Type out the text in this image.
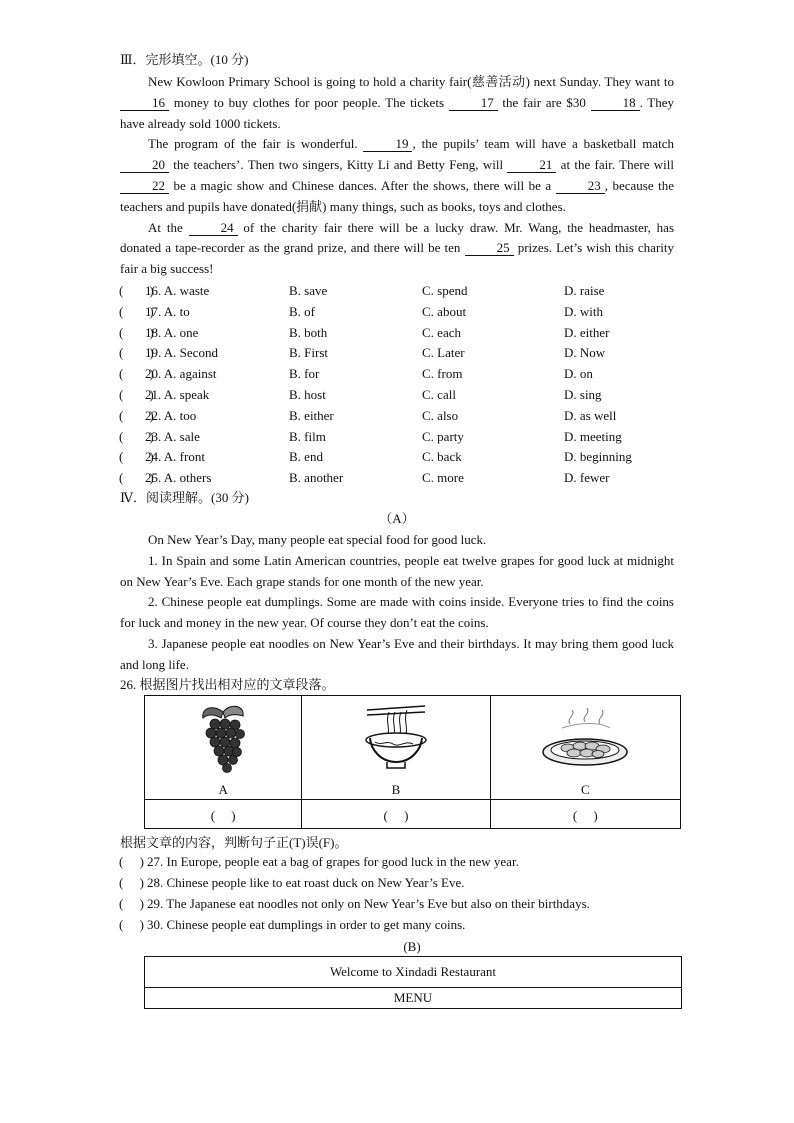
Ⅲ．完形填空。(10 分)

New Kowloon Primary School is going to hold a charity fair(慈善活动) next Sunday. They want to 16 money to buy clothes for poor people. The tickets 17 the fair are $30 18 . They have already sold 1000 tickets.

The program of the fair is wonderful. 19 , the pupils’ team will have a basketball match 20 the teachers’. Then two singers, Kitty Li and Betty Feng, will 21 at the fair. There will 22 be a magic show and Chinese dances. After the shows, there will be a 23 , because the teachers and pupils have donated(捐献) many things, such as books, toys and clothes.

At the 24 of the charity fair there will be a lucky draw. Mr. Wang, the headmaster, has donated a tape-recorder as the grand prize, and there will be ten 25 prizes. Let’s wish this charity fair a big success!

(　　)
16. A. waste	B. save	C. spend	D. raise
(　　)
17. A. to	B. of	C. about	D. with
(　　)
18. A. one	B. both	C. each	D. either
(　　)
19. A. Second	B. First	C. Later	D. Now
(　　)
20. A. against	B. for	C. from	D. on
(　　)
21. A. speak	B. host	C. call	D. sing
(　　)
22. A. too	B. either	C. also	D. as well
(　　)
23. A. sale	B. film	C. party	D. meeting
(　　)
24. A. front	B. end	C. back	D. beginning
(　　)
25. A. others	B. another	C. more	D. fewer
Ⅳ．阅读理解。(30 分)
（A）

On New Year’s Day, many people eat special food for good luck.

1. In Spain and some Latin American countries, people eat twelve grapes for good luck at midnight on New Year’s Eve. Each grape stands for one month of the new year.

2. Chinese people eat dumplings. Some are made with coins inside. Everyone tries to find the coins for luck and money in the new year. Of course they don’t eat the coins.

3. Japanese people eat noodles on New Year’s Eve and their birthdays. It may bring them good luck and long life.

26. 根据图片找出相对应的文章段落。
A	B	C

(　 )	(　 )	(　 )
根据文章的内容，判断句子正(T)误(F)。
(　 ) 27. In Europe, people eat a bag of grapes for good luck in the new year.
(　 ) 28. Chinese people like to eat roast duck on New Year’s Eve.
(　 ) 29. The Japanese eat noodles not only on New Year’s Eve but also on their birthdays.
(　 ) 30. Chinese people eat dumplings in order to get many coins.
(B)
Welcome to Xindadi Restaurant
MENU
